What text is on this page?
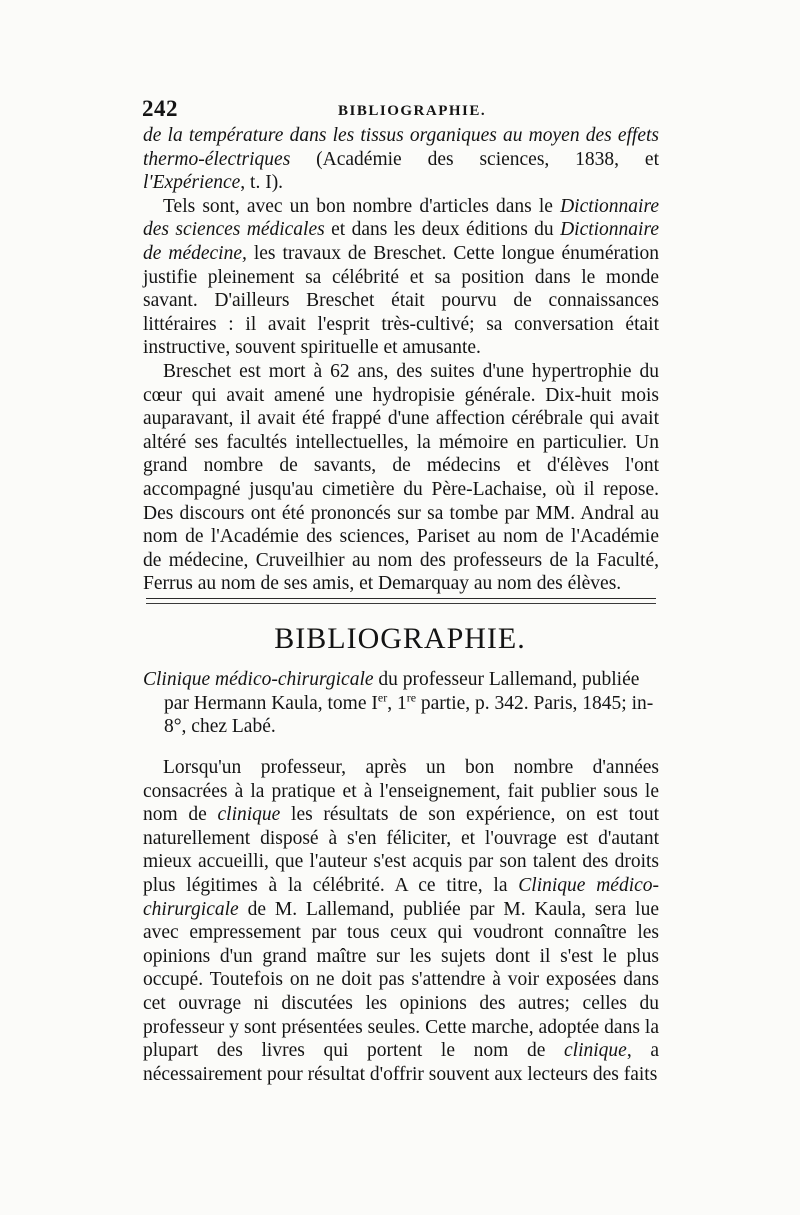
242	BIBLIOGRAPHIE.

de la température dans les tissus organiques au moyen des effets thermo-électriques (Académie des sciences, 1838, et l'Expérience, t. I).

Tels sont, avec un bon nombre d'articles dans le Dictionnaire des sciences médicales et dans les deux éditions du Dictionnaire de médecine, les travaux de Breschet. Cette longue énumération justifie pleinement sa célébrité et sa position dans le monde savant. D'ailleurs Breschet était pourvu de connaissances littéraires : il avait l'esprit très-cultivé; sa conversation était instructive, souvent spirituelle et amusante.

Breschet est mort à 62 ans, des suites d'une hypertrophie du cœur qui avait amené une hydropisie générale. Dix-huit mois auparavant, il avait été frappé d'une affection cérébrale qui avait altéré ses facultés intellectuelles, la mémoire en particulier. Un grand nombre de savants, de médecins et d'élèves l'ont accompagné jusqu'au cimetière du Père-Lachaise, où il repose. Des discours ont été prononcés sur sa tombe par MM. Andral au nom de l'Académie des sciences, Pariset au nom de l'Académie de médecine, Cruveilhier au nom des professeurs de la Faculté, Ferrus au nom de ses amis, et Demarquay au nom des élèves.

BIBLIOGRAPHIE.

Clinique médico-chirurgicale du professeur Lallemand, publiée par Hermann Kaula, tome Ier, 1re partie, p. 342. Paris, 1845; in-8°, chez Labé.

Lorsqu'un professeur, après un bon nombre d'années consacrées à la pratique et à l'enseignement, fait publier sous le nom de clinique les résultats de son expérience, on est tout naturellement disposé à s'en féliciter, et l'ouvrage est d'autant mieux accueilli, que l'auteur s'est acquis par son talent des droits plus légitimes à la célébrité. A ce titre, la Clinique médico-chirurgicale de M. Lallemand, publiée par M. Kaula, sera lue avec empressement par tous ceux qui voudront connaître les opinions d'un grand maître sur les sujets dont il s'est le plus occupé. Toutefois on ne doit pas s'attendre à voir exposées dans cet ouvrage ni discutées les opinions des autres; celles du professeur y sont présentées seules. Cette marche, adoptée dans la plupart des livres qui portent le nom de clinique, a nécessairement pour résultat d'offrir souvent aux lecteurs des faits
